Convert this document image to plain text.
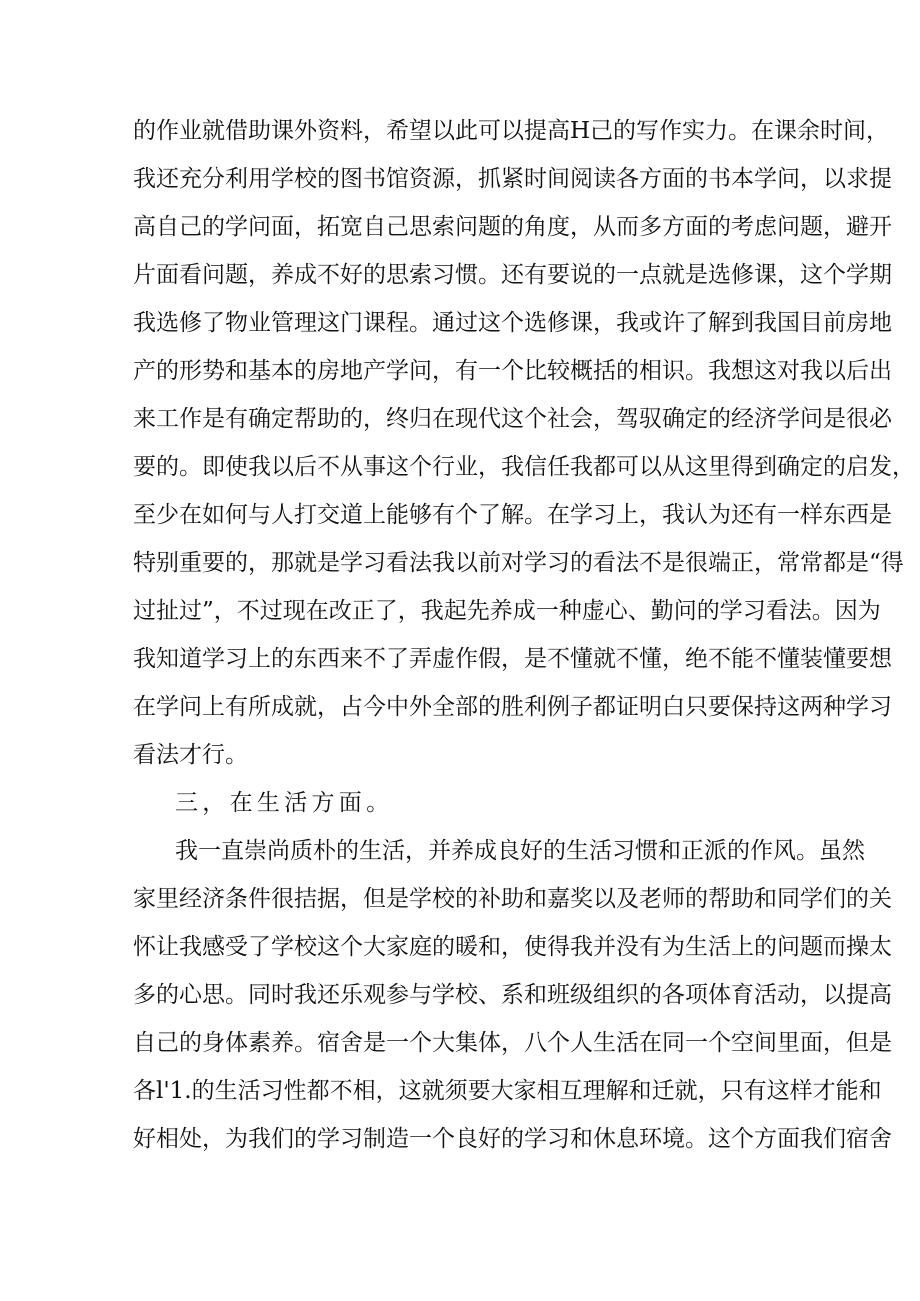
的作业就借助课外资料，希望以此可以提高H己的写作实力。在课余时间，
我还充分利用学校的图书馆资源，抓紧时间阅读各方面的书本学问，以求提
高自己的学问面，拓宽自己思索问题的角度，从而多方面的考虑问题，避开
片面看问题，养成不好的思索习惯。还有要说的一点就是选修课，这个学期
我选修了物业管理这门课程。通过这个选修课，我或许了解到我国目前房地
产的形势和基本的房地产学问，有一个比较概括的相识。我想这对我以后出
来工作是有确定帮助的，终归在现代这个社会，驾驭确定的经济学问是很必
要的。即使我以后不从事这个行业，我信任我都可以从这里得到确定的启发，
至少在如何与人打交道上能够有个了解。在学习上，我认为还有一样东西是
特别重要的，那就是学习看法我以前对学习的看法不是很端正，常常都是“得
过扯过”，不过现在改正了，我起先养成一种虚心、勤问的学习看法。因为
我知道学习上的东西来不了弄虚作假，是不懂就不懂，绝不能不懂装懂要想
在学问上有所成就，占今中外全部的胜利例子都证明白只要保持这两种学习
看法才行。
三，在生活方面。
我一直崇尚质朴的生活，并养成良好的生活习惯和正派的作风。虽然
家里经济条件很拮据，但是学校的补助和嘉奖以及老师的帮助和同学们的关
怀让我感受了学校这个大家庭的暖和，使得我并没有为生活上的问题而操太
多的心思。同时我还乐观参与学校、系和班级组织的各项体育活动，以提高
自己的身体素养。宿舍是一个大集体，八个人生活在同一个空间里面，但是
各l'1.的生活习性都不相，这就须要大家相互理解和迁就，只有这样才能和
好相处，为我们的学习制造一个良好的学习和休息环境。这个方面我们宿舍
